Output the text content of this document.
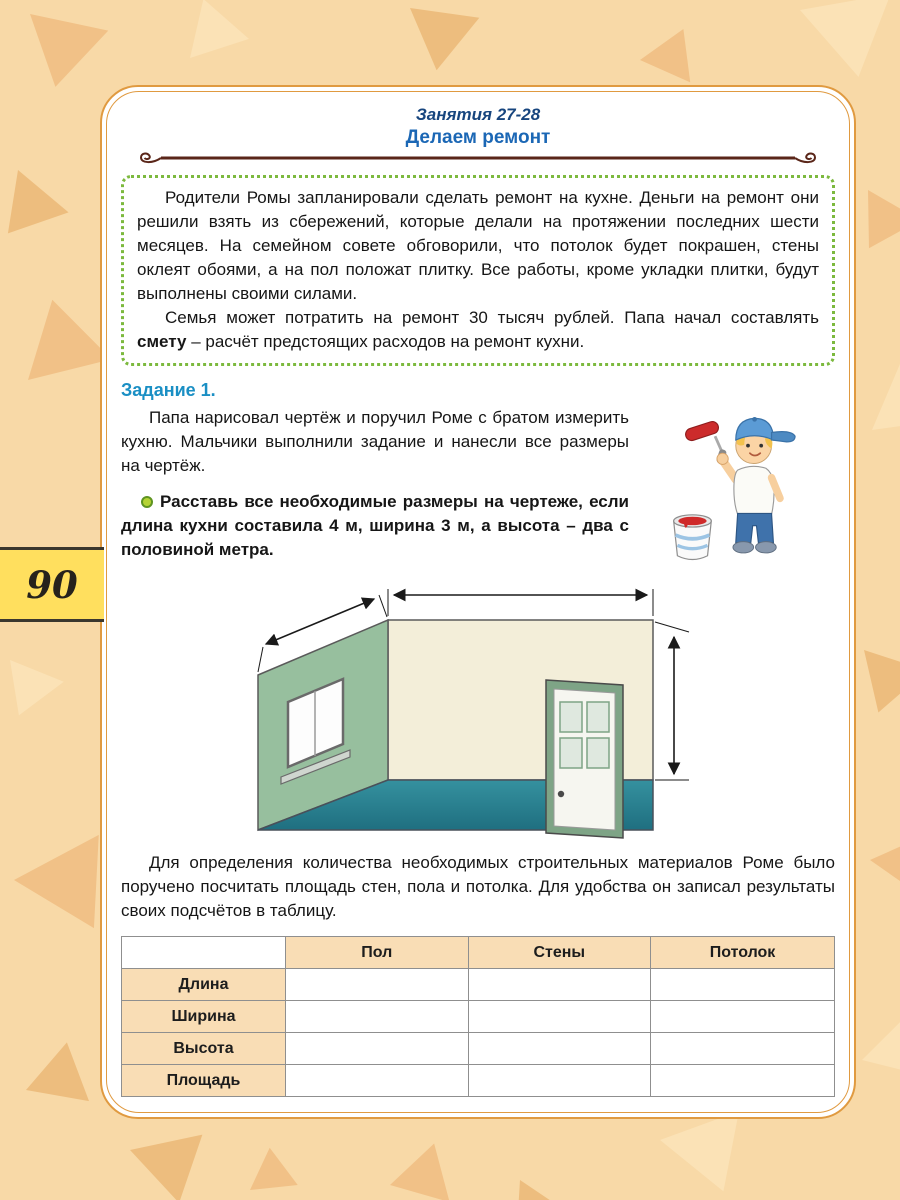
90
Занятия 27-28
Делаем ремонт

Родители Ромы запланировали сделать ремонт на кухне. Деньги на ремонт они решили взять из сбережений, которые делали на протяжении последних шести месяцев. На семейном совете обговорили, что потолок будет покрашен, стены оклеят обоями, а на пол положат плитку. Все работы, кроме укладки плитки, будут выполнены своими силами.

Семья может потратить на ремонт 30 тысяч рублей. Папа начал составлять смету – расчёт предстоящих расходов на ремонт кухни.

Задание 1.

Папа нарисовал чертёж и поручил Роме с братом измерить кухню. Мальчики выполнили задание и нанесли все размеры на чертёж.

Расставь все необходимые размеры на чертеже, если длина кухни составила 4 м, ширина 3 м, а высота – два с половиной метра.

Для определения количества необходимых строительных материалов Роме было поручено посчитать площадь стен, пола и потолка. Для удобства он записал результаты своих подсчётов в таблицу.

	Пол	Стены	Потолок
Длина			
Ширина			
Высота			
Площадь			
